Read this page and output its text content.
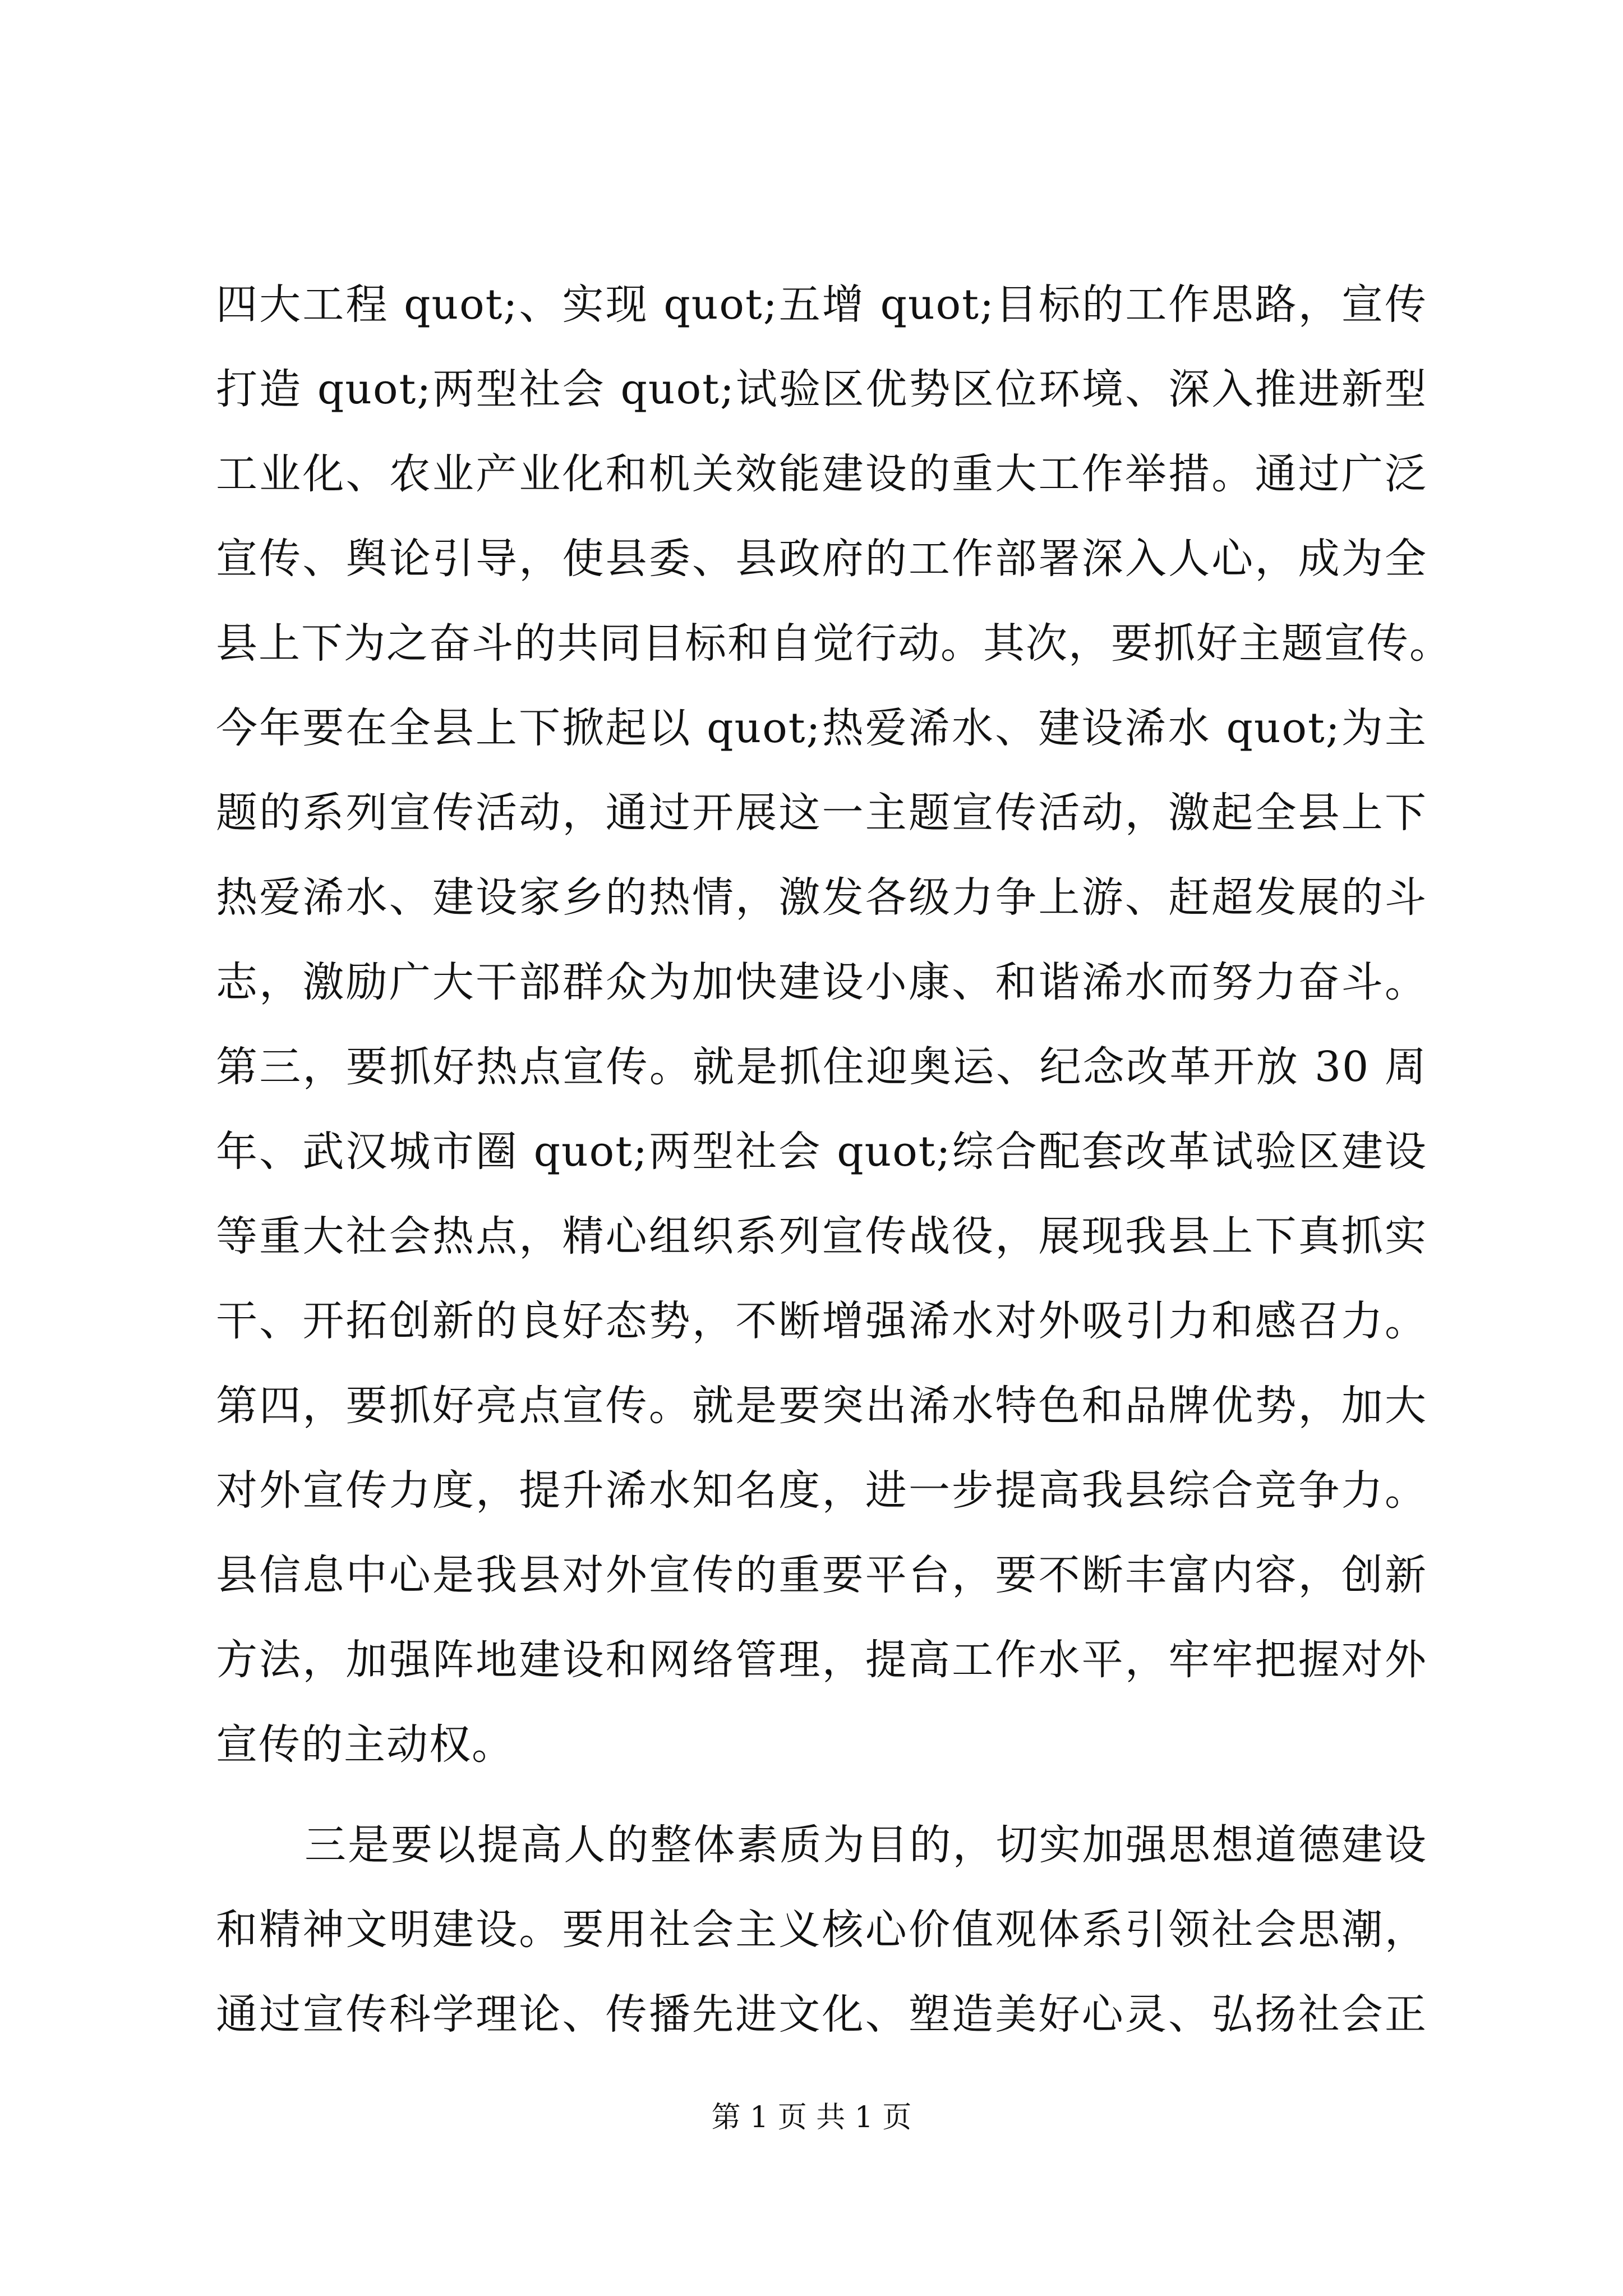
四大工程 quot;、实现 quot;五增 quot;目标的工作思路，宣传
打造 quot;两型社会 quot;试验区优势区位环境、深入推进新型
工业化、农业产业化和机关效能建设的重大工作举措。通过广泛
宣传、舆论引导，使县委、县政府的工作部署深入人心，成为全
县上下为之奋斗的共同目标和自觉行动。其次，要抓好主题宣传。
今年要在全县上下掀起以 quot;热爱浠水、建设浠水 quot;为主
题的系列宣传活动，通过开展这一主题宣传活动，激起全县上下
热爱浠水、建设家乡的热情，激发各级力争上游、赶超发展的斗
志，激励广大干部群众为加快建设小康、和谐浠水而努力奋斗。
第三，要抓好热点宣传。就是抓住迎奥运、纪念改革开放 30 周
年、武汉城市圈 quot;两型社会 quot;综合配套改革试验区建设
等重大社会热点，精心组织系列宣传战役，展现我县上下真抓实
干、开拓创新的良好态势，不断增强浠水对外吸引力和感召力。
第四，要抓好亮点宣传。就是要突出浠水特色和品牌优势，加大
对外宣传力度，提升浠水知名度，进一步提高我县综合竞争力。
县信息中心是我县对外宣传的重要平台，要不断丰富内容，创新
方法，加强阵地建设和网络管理，提高工作水平，牢牢把握对外
宣传的主动权。
三是要以提高人的整体素质为目的，切实加强思想道德建设
和精神文明建设。要用社会主义核心价值观体系引领社会思潮，
通过宣传科学理论、传播先进文化、塑造美好心灵、弘扬社会正
第 1 页 共 1 页
